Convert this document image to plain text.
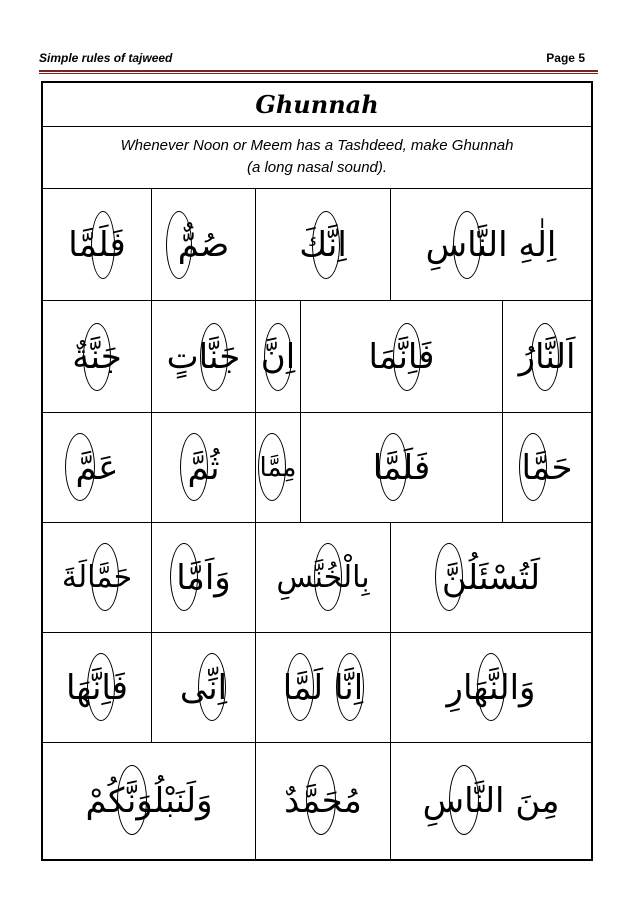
Simple rules of tajweed	Page 5
Ghunnah
Whenever Noon or Meem has a Tashdeed, make Ghunnah
(a long nasal sound).
فَلَمَّا صُمٌّ اِنَّكَ اِلٰهِ النَّاسِ
جَنَّةٌ جَنَّاتٍ اِنَّ فَاِنَّمَا اَلنَّارُ
عَمَّ ثُمَّ مِمَّا فَلَمَّا	حَمَّا
حَمَّالَةَ وَاَمَّا بِالْخُنَّسِ لَتُسْئَلُنَّ
فَاِنَّهَا اِنِّى اِنَّا لَمَّا وَالنَّهَارِ
وَلَنَبْلُوَنَّكُمْ مُحَمَّدٌ مِنَ النَّاسِ
